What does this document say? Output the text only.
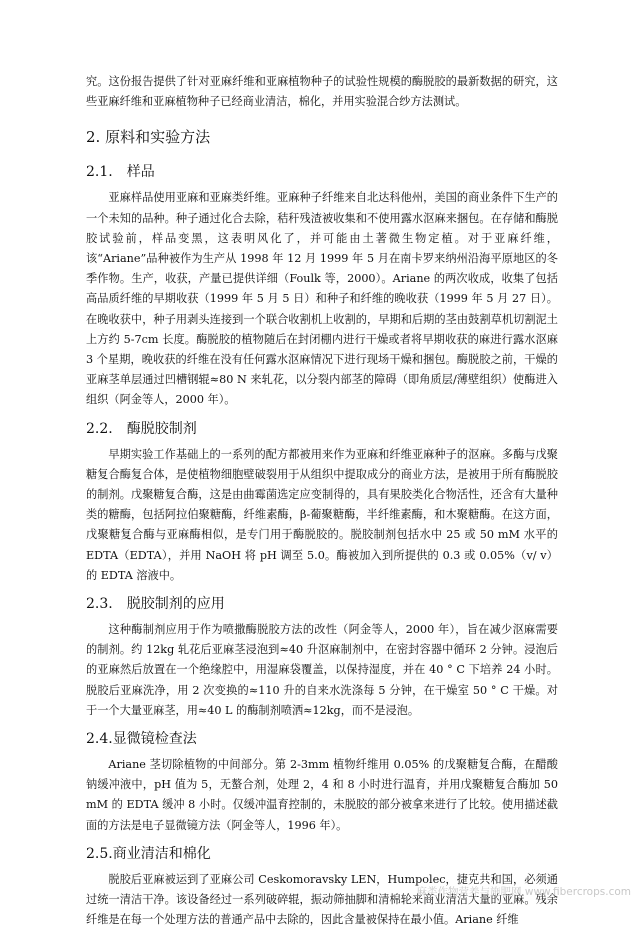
究。这份报告提供了针对亚麻纤维和亚麻植物种子的试验性规模的酶脱胶的最新数据的研究，这些亚麻纤维和亚麻植物种子已经商业清洁，棉化，并用实验混合纱方法测试。

2. 原料和实验方法
2.1.　样品

亚麻样品使用亚麻和亚麻类纤维。亚麻种子纤维来自北达科他州，美国的商业条件下生产的一个未知的品种。种子通过化合去除，秸秆残渣被收集和不使用露水沤麻来捆包。在存储和酶脱胶试验前，样品变黑，这表明风化了，并可能由土著微生物定植。对于亚麻纤维，该“Ariane”品种被作为生产从 1998 年 12 月 1999 年 5 月在南卡罗来纳州沿海平原地区的冬季作物。生产，收获，产量已提供详细（Foulk 等，2000）。Ariane 的两次收成，收集了包括高品质纤维的早期收获（1999 年 5 月 5 日）和种子和纤维的晚收获（1999 年 5 月 27 日）。在晚收获中，种子用剥头连接到一个联合收割机上收割的，早期和后期的茎由鼓割草机切割泥土上方约 5-7cm 长度。酶脱胶的植物随后在封闭棚内进行干燥或者将早期收获的麻进行露水沤麻 3 个星期，晚收获的纤维在没有任何露水沤麻情况下进行现场干燥和捆包。酶脱胶之前，干燥的亚麻茎单层通过凹槽钢辊≈80 N 来轧花，以分裂内部茎的障碍（即角质层/薄壁组织）使酶进入组织（阿金等人，2000 年）。

2.2.　酶脱胶制剂

早期实验工作基础上的一系列的配方都被用来作为亚麻和纤维亚麻种子的沤麻。多酶与戊聚糖复合酶复合体，是使植物细胞壁破裂用于从组织中提取成分的商业方法，是被用于所有酶脱胶的制剂。戊聚糖复合酶，这是由曲霉菌选定应变制得的，具有果胶类化合物活性，还含有大量种类的糖酶，包括阿拉伯聚糖酶，纤维素酶，β-葡聚糖酶，半纤维素酶，和木聚糖酶。在这方面，戊聚糖复合酶与亚麻酶相似，是专门用于酶脱胶的。脱胶制剂包括水中 25 或 50 mM 水平的 EDTA（EDTA），并用 NaOH 将 pH 调至 5.0。酶被加入到所提供的 0.3 或 0.05%（v/ v）的 EDTA 溶液中。

2.3.　脱胶制剂的应用

这种酶制剂应用于作为喷撒酶脱胶方法的改性（阿金等人，2000 年），旨在减少沤麻需要的制剂。约 12kg 轧花后亚麻茎浸泡到≈40 升沤麻制剂中，在密封容器中循环 2 分钟。浸泡后的亚麻然后放置在一个绝缘腔中，用湿麻袋覆盖，以保持湿度，并在 40 ° C 下培养 24 小时。脱胶后亚麻洗净，用 2 次变换的≈110 升的自来水洗涤每 5 分钟，在干燥室 50 ° C 干燥。对于一个大量亚麻茎，用≈40 L 的酶制剂喷洒≈12kg，而不是浸泡。

2.4.显微镜检查法

Ariane 茎切除植物的中间部分。第 2-3mm 植物纤维用 0.05% 的戊聚糖复合酶，在醋酸钠缓冲液中，pH 值为 5，无螯合剂，处理 2，4 和 8 小时进行温育，并用戊聚糖复合酶加 50 mM 的 EDTA 缓冲 8 小时。仅缓冲温育控制的，未脱胶的部分被拿来进行了比较。使用描述截面的方法是电子显微镜方法（阿金等人，1996 年）。

2.5.商业清洁和棉化

脱胶后亚麻被运到了亚麻公司 Ceskomoravsky LEN，Humpolec，捷克共和国，必须通过统一清洁干净。该设备经过一系列破碎辊，振动筛抽脚和清棉轮来商业清洁大量的亚麻。残余纤维是在每一个处理方法的普通产品中去除的，因此含量被保持在最小值。Ariane 纤维

麻类作物营养与施肥网 www.fibercrops.com
